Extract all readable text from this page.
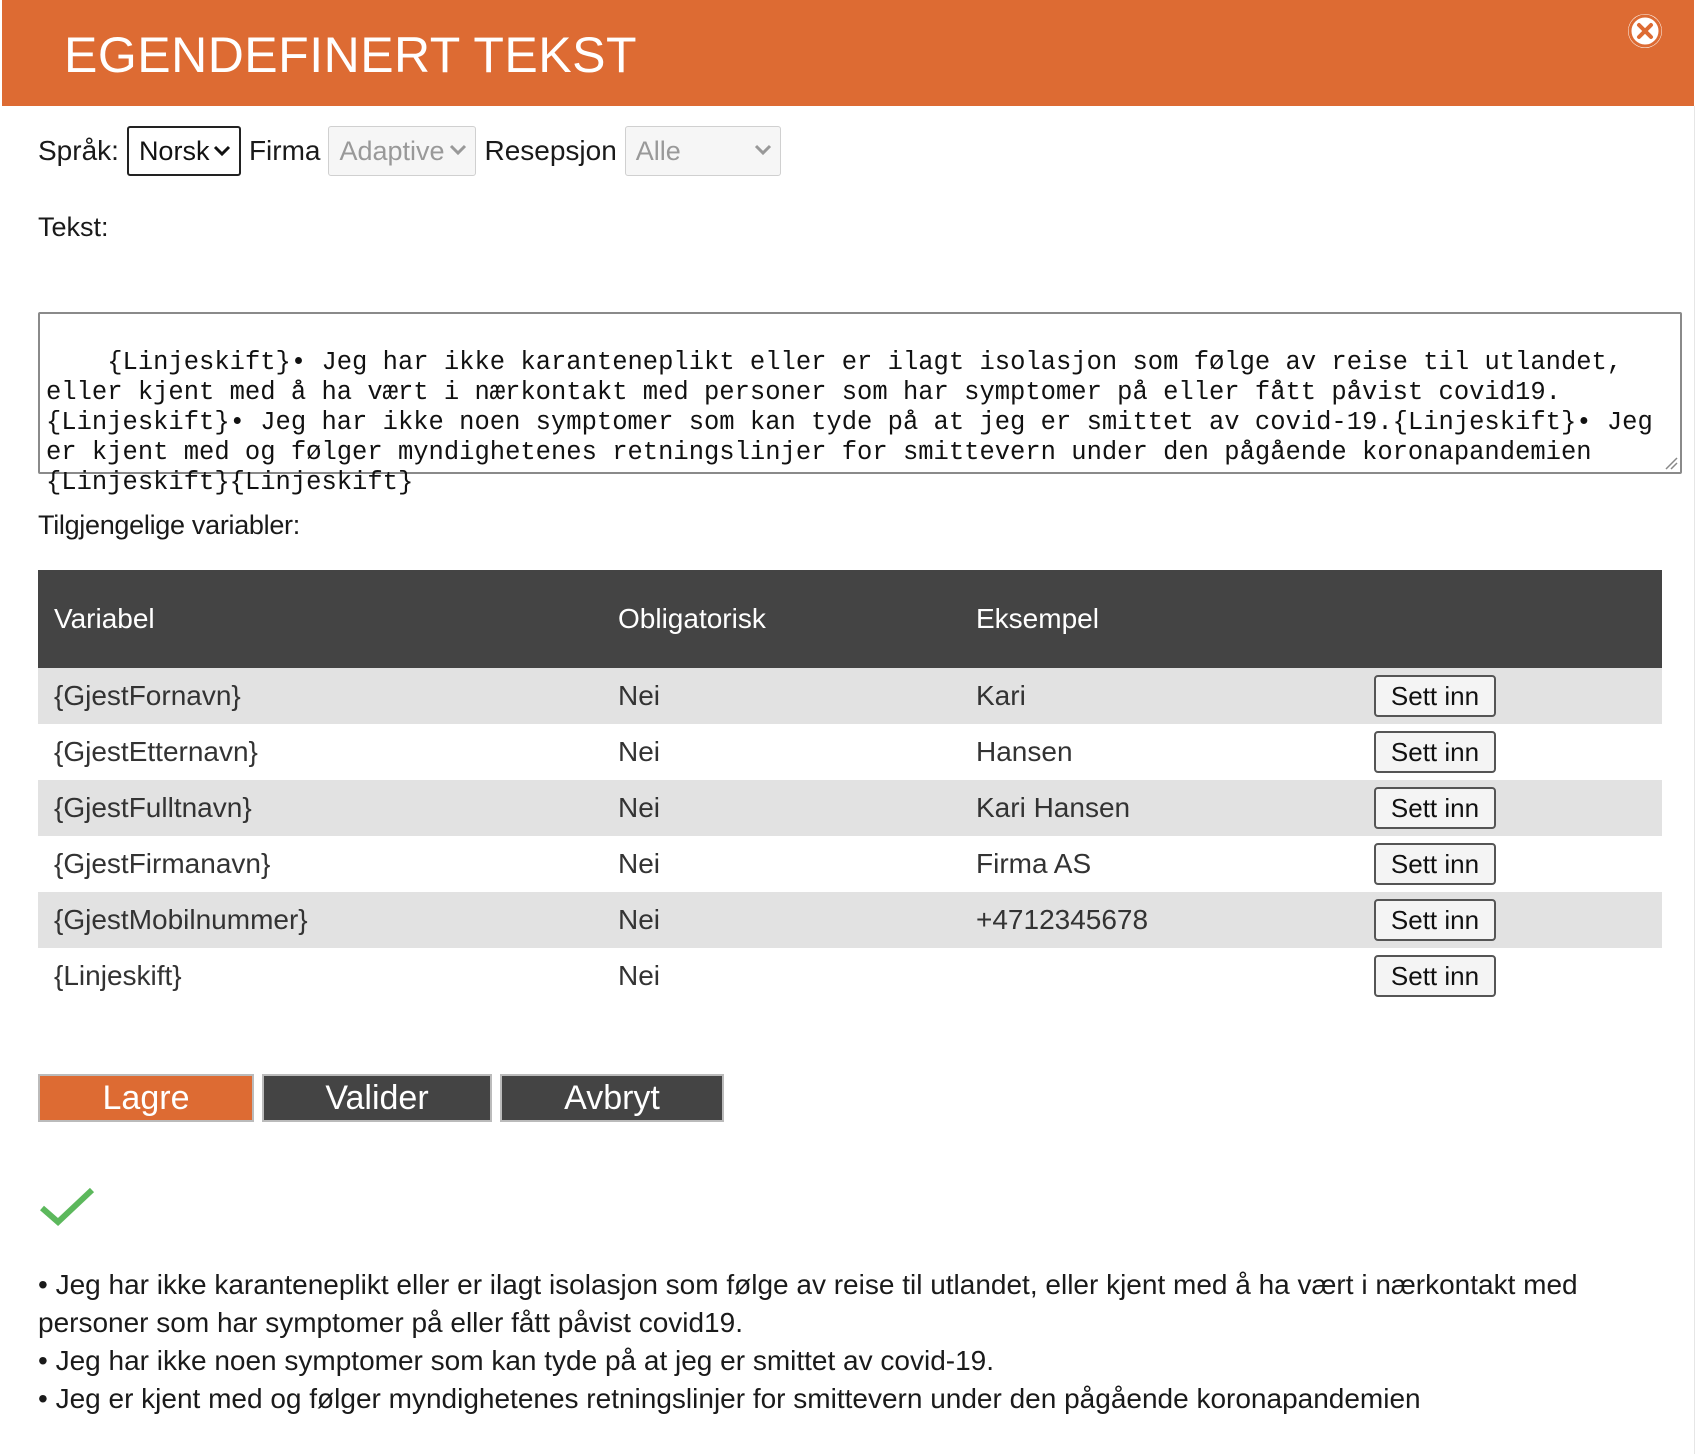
EGENDEFINERT TEKST
Språk: Norsk Firma Adaptive Resepsjon Alle
Tekst:

{Linjeskift}• Jeg har ikke karanteneplikt eller er ilagt isolasjon som følge av reise til utlandet, eller kjent med å ha vært i nærkontakt med personer som har symptomer på eller fått påvist covid19.{Linjeskift}• Jeg har ikke noen symptomer som kan tyde på at jeg er smittet av covid-19.{Linjeskift}• Jeg er kjent med og følger myndighetenes retningslinjer for smittevern under den pågående koronapandemien {Linjeskift}{Linjeskift}

Tilgjengelige variabler:
Variabel	Obligatorisk	Eksempel	
{GjestFornavn}	Nei	Kari	Sett inn
{GjestEtternavn}	Nei	Hansen	Sett inn
{GjestFulltnavn}	Nei	Kari Hansen	Sett inn
{GjestFirmanavn}	Nei	Firma AS	Sett inn
{GjestMobilnummer}	Nei	+4712345678	Sett inn
{Linjeskift}	Nei		Sett inn
Lagre	Valider	Avbryt

• Jeg har ikke karanteneplikt eller er ilagt isolasjon som følge av reise til utlandet, eller kjent med å ha vært i nærkontakt med personer som har symptomer på eller fått påvist covid19.

• Jeg har ikke noen symptomer som kan tyde på at jeg er smittet av covid-19.

• Jeg er kjent med og følger myndighetenes retningslinjer for smittevern under den pågående koronapandemien
